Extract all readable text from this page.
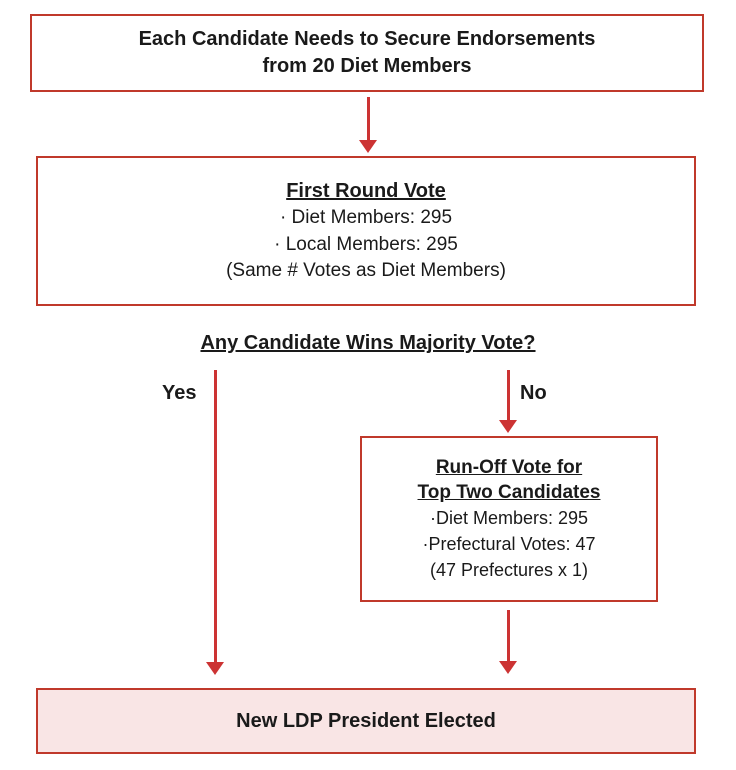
Each Candidate Needs to Secure Endorsements
from 20 Diet Members
First Round Vote
· Diet Members: 295
· Local Members: 295
(Same # Votes as Diet Members)
Any Candidate Wins Majority Vote?
Yes	No
Run-Off Vote for
Top Two Candidates
·Diet Members: 295
·Prefectural Votes: 47
(47 Prefectures x 1)
New LDP President Elected
